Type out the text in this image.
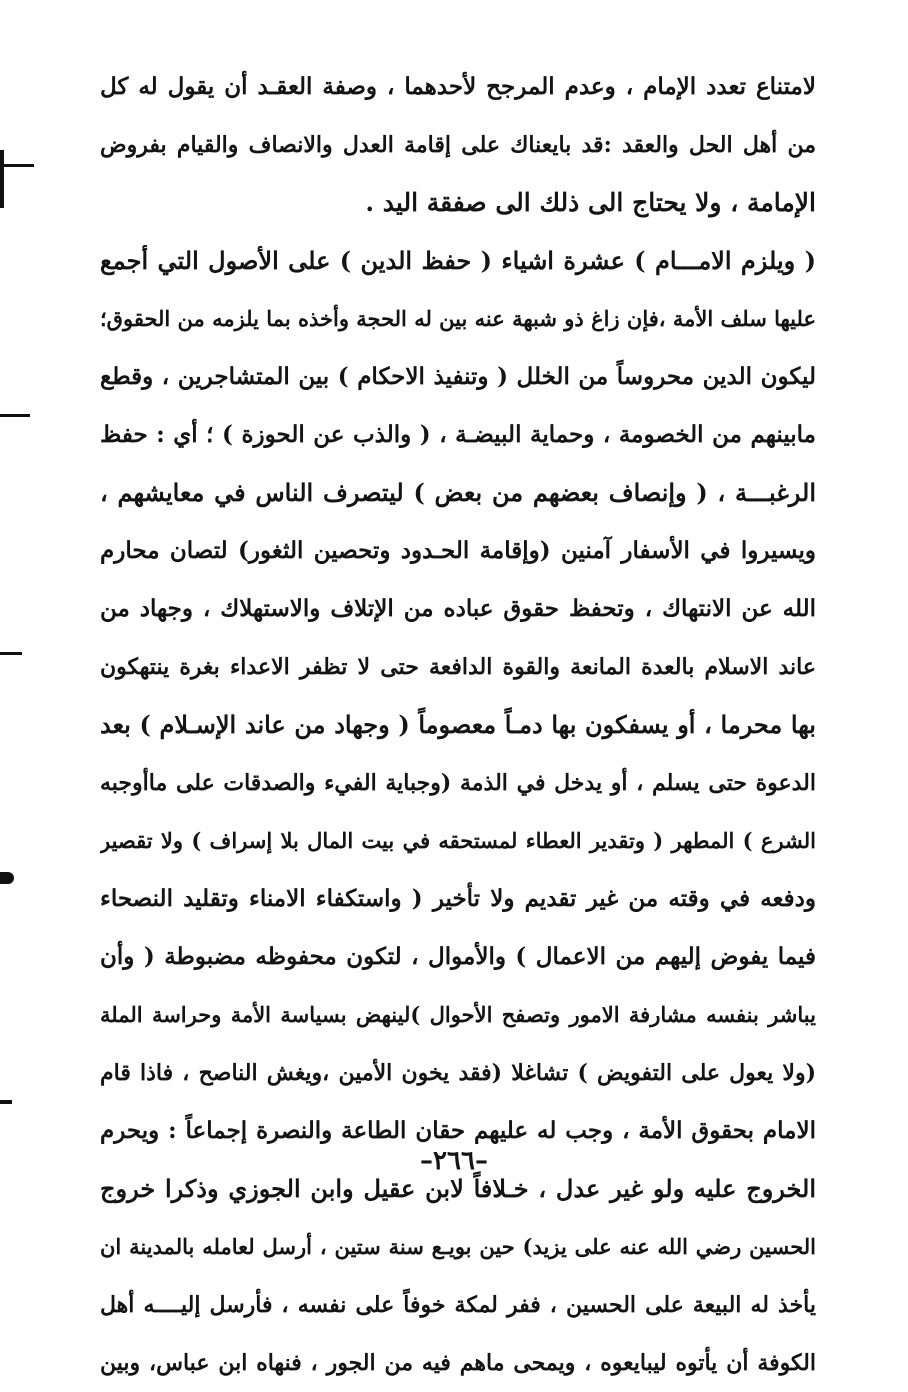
لامتناع تعدد الإمام ، وعدم المرجح لأحدهما ، وصفة العقـد أن يقول له كل
من أهل الحل والعقد :قد بايعناك على إقامة العدل والانصاف والقيام بفروض
الإمامة ، ولا يحتاج الى ذلك الى صفقة اليد .
( ويلزم الامـــام ) عشرة اشياء ( حفظ الدين ) على الأصول التي أجمع
عليها سلف الأمة ،فإن زاغ ذو شبهة عنه بين له الحجة وأخذه بما يلزمه من الحقوق؛
ليكون الدين محروساً من الخلل ( وتنفيذ الاحكام ) بين المتشاجرين ، وقطع
مابينهم من الخصومة ، وحماية البيضـة ، ( والذب عن الحوزة ) ؛ أي : حفظ
الرغبـــة ، ( وإنصاف بعضهم من بعض ) ليتصرف الناس في معايشهم ،
ويسيروا في الأسفار آمنين (وإقامة الحـدود وتحصين الثغور) لتصان محارم
الله عن الانتهاك ، وتحفظ حقوق عباده من الإتلاف والاستهلاك ، وجهاد من
عاند الاسلام بالعدة المانعة والقوة الدافعة حتى لا تظفر الاعداء بغرة ينتهكون
بها محرما ، أو يسفكون بها دمـاً معصوماً ( وجهاد من عاند الإسـلام ) بعد
الدعوة حتى يسلم ، أو يدخل في الذمة (وجباية الفيء والصدقات على ماأوجبه
الشرع ) المطهر ( وتقدير العطاء لمستحقه في بيت المال بلا إسراف ) ولا تقصير
ودفعه في وقته من غير تقديم ولا تأخير ( واستكفاء الامناء وتقليد النصحاء
فيما يفوض إليهم من الاعمال ) والأموال ، لتكون محفوظه مضبوطة ( وأن
يباشر بنفسه مشارفة الامور وتصفح الأحوال )لينهض بسياسة الأمة وحراسة الملة
(ولا يعول على التفويض ) تشاغلا (فقد يخون الأمين ،ويغش الناصح ، فاذا قام
الامام بحقوق الأمة ، وجب له عليهم حقان الطاعة والنصرة إجماعاً : ويحرم
الخروج عليه ولو غير عدل ، خـلافاً لابن عقيل وابن الجوزي وذكرا خروج
الحسين رضي الله عنه على يزيد) حين بويـع سنة ستين ، أرسل لعامله بالمدينة ان
يأخذ له البيعة على الحسين ، ففر لمكة خوفاً على نفسه ، فأرسل إليــــه أهل
الكوفة أن يأتوه ليبايعوه ، ويمحى ماهم فيه من الجور ، فنهاه ابن عباس، وبين
–٢٦٦–
